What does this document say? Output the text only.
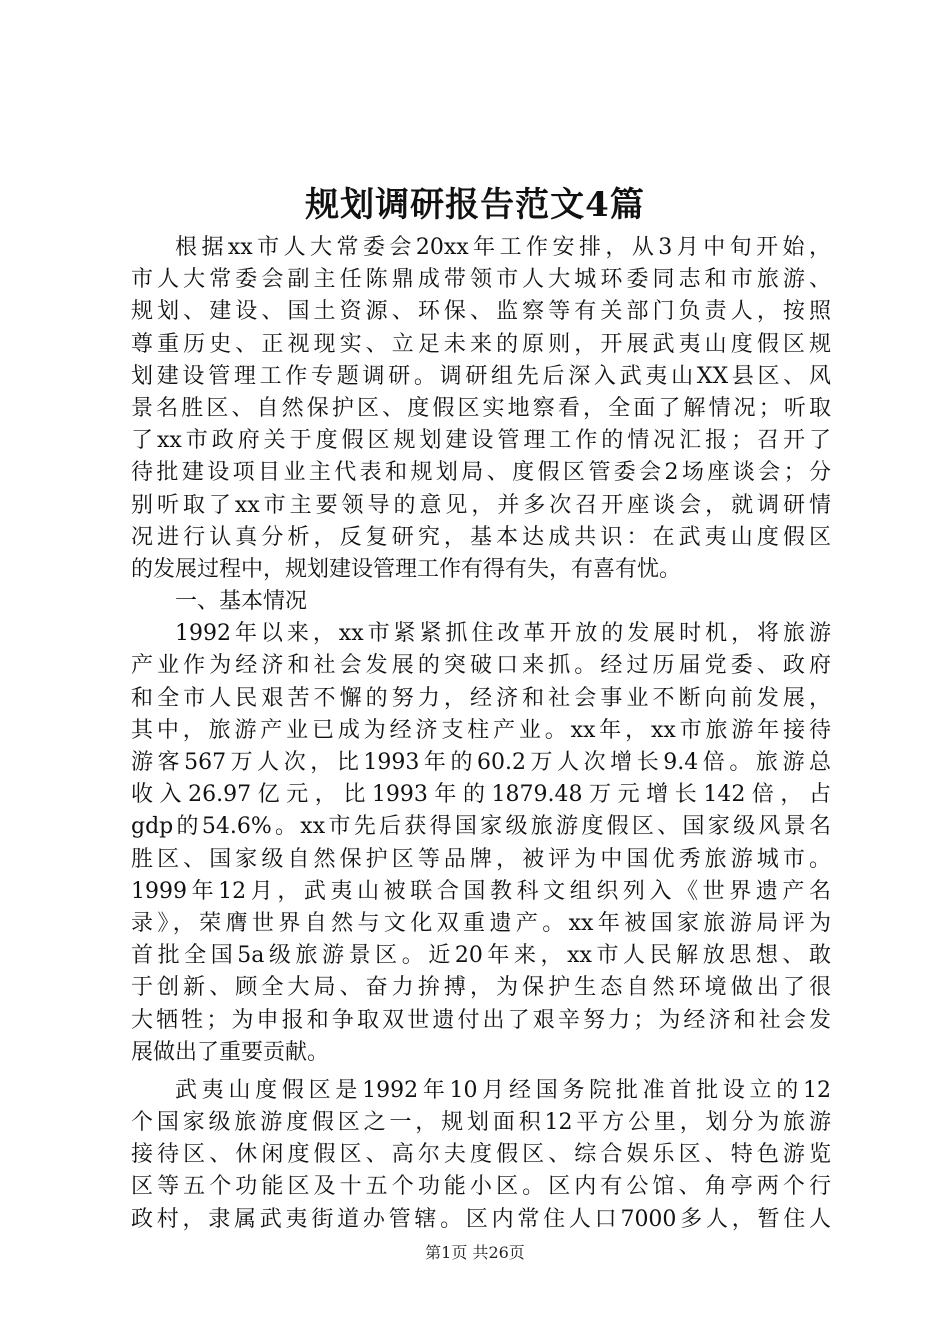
规划调研报告范文4篇
根据xx市人大常委会20xx年工作安排，从3月中旬开始，
市人大常委会副主任陈鼎成带领市人大城环委同志和市旅游、
规划、建设、国土资源、环保、监察等有关部门负责人，按照
尊重历史、正视现实、立足未来的原则，开展武夷山度假区规
划建设管理工作专题调研。调研组先后深入武夷山XX县区、风
景名胜区、自然保护区、度假区实地察看，全面了解情况；听取
了xx市政府关于度假区规划建设管理工作的情况汇报；召开了
待批建设项目业主代表和规划局、度假区管委会2场座谈会；分
别听取了xx市主要领导的意见，并多次召开座谈会，就调研情
况进行认真分析，反复研究，基本达成共识：在武夷山度假区
的发展过程中，规划建设管理工作有得有失，有喜有忧。
一、基本情况
1992年以来，xx市紧紧抓住改革开放的发展时机，将旅游
产业作为经济和社会发展的突破口来抓。经过历届党委、政府
和全市人民艰苦不懈的努力，经济和社会事业不断向前发展，
其中，旅游产业已成为经济支柱产业。xx年，xx市旅游年接待
游客567万人次，比1993年的60.2万人次增长9.4倍。旅游总
收入26.97亿元，比1993年的1879.48万元增长142倍，占
gdp的54.6%。xx市先后获得国家级旅游度假区、国家级风景名
胜区、国家级自然保护区等品牌，被评为中国优秀旅游城市。
1999年12月，武夷山被联合国教科文组织列入《世界遗产名
录》，荣膺世界自然与文化双重遗产。xx年被国家旅游局评为
首批全国5a级旅游景区。近20年来，xx市人民解放思想、敢
于创新、顾全大局、奋力拚搏，为保护生态自然环境做出了很
大牺牲；为申报和争取双世遗付出了艰辛努力；为经济和社会发
展做出了重要贡献。
武夷山度假区是1992年10月经国务院批准首批设立的12
个国家级旅游度假区之一，规划面积12平方公里，划分为旅游
接待区、休闲度假区、高尔夫度假区、综合娱乐区、特色游览
区等五个功能区及十五个功能小区。区内有公馆、角亭两个行
政村，隶属武夷街道办管辖。区内常住人口7000多人，暂住人
第1页 共26页
